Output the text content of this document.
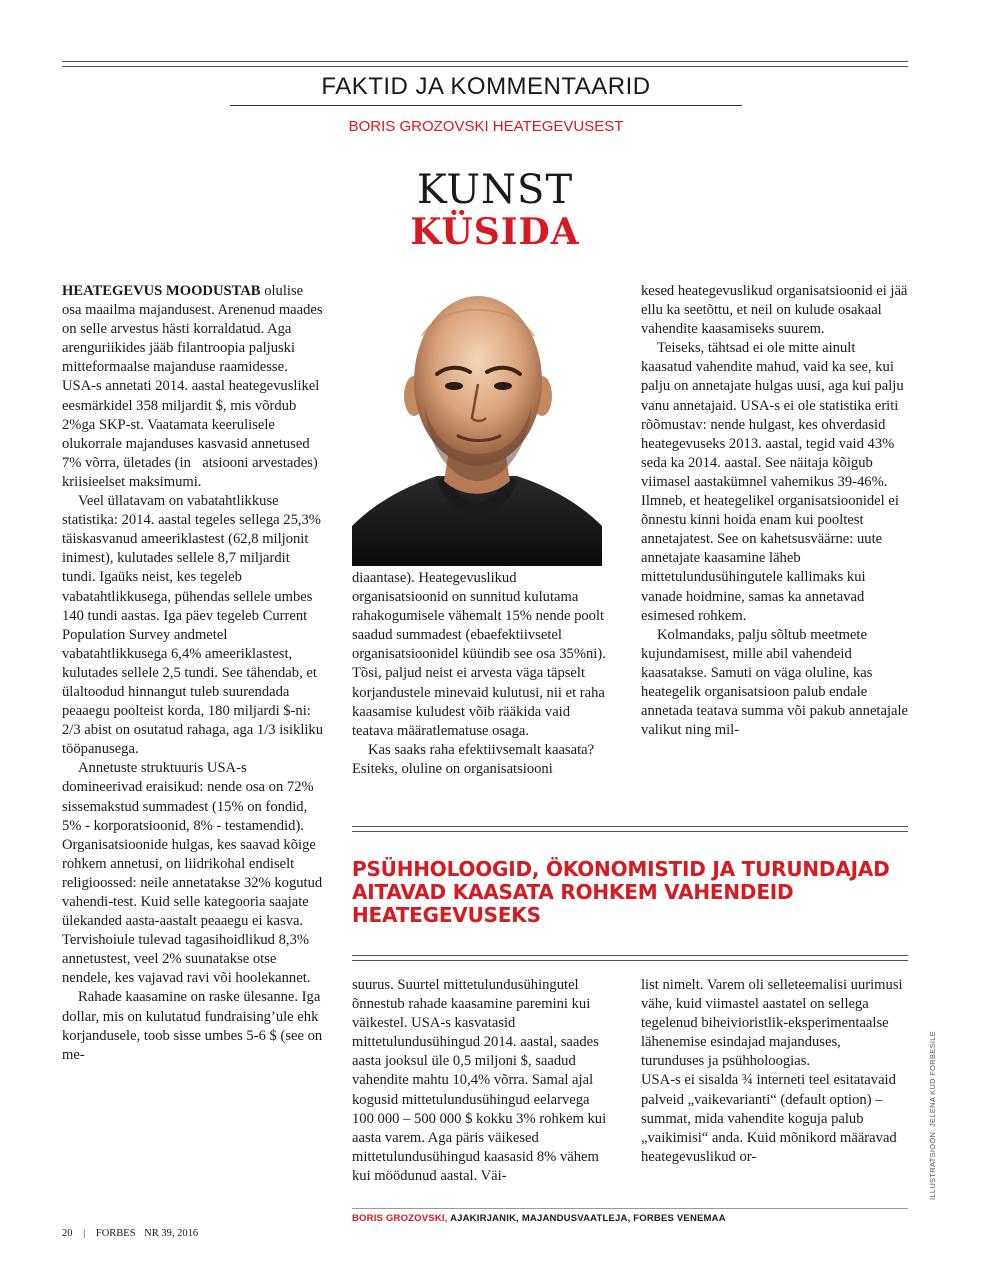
FAKTID JA KOMMENTAARID
BORIS GROZOVSKI HEATEGEVUSEST
KUNST
KÜSIDA

HEATEGEVUS MOODUSTAB olulise osa maailma majandusest. Arenenud maades on selle arvestus hästi korraldatud. Aga arenguriikides jääb filantroopia paljuski mitteformaalse majanduse raamidesse. USA-s annetati 2014. aastal heategevuslikel eesmärkidel 358 miljardit $, mis võrdub 2%ga SKP-st. Vaatamata keerulisele olukorrale majanduses kasvasid annetused 7% võrra, ületades (in atsiooni arvestades) kriisieelset maksimumi.

Veel üllatavam on vabatahtlikkuse statistika: 2014. aastal tegeles sellega 25,3% täiskasvanud ameeriklastest (62,8 miljonit inimest), kulutades sellele 8,7 miljardit tundi. Igaüks neist, kes tegeleb vabatahtlikkusega, pühendas sellele umbes 140 tundi aastas. Iga päev tegeleb Current Population Survey andmetel vabatahtlikkusega 6,4% ameeriklastest, kulutades sellele 2,5 tundi. See tähendab, et ülaltoodud hinnangut tuleb suurendada peaaegu poolteist korda, 180 miljardi $-ni: 2/3 abist on osutatud rahaga, aga 1/3 isikliku tööpanusega.

Annetuste struktuuris USA-s domineerivad eraisikud: nende osa on 72% sissemakstud summadest (15% on fondid, 5% - korporatsioonid, 8% - testamendid). Organisatsioonide hulgas, kes saavad kõige rohkem annetusi, on liidrikohal endiselt religioossed: neile annetatakse 32% kogutud vahendi-test. Kuid selle kategooria saajate ülekanded aasta-aastalt peaaegu ei kasva. Tervishoiule tulevad tagasihoidlikud 8,3% annetustest, veel 2% suunatakse otse nendele, kes vajavad ravi või hoolekannet.

Rahade kaasamine on raske ülesanne. Iga dollar, mis on kulutatud fundraising’ule ehk korjandusele, toob sisse umbes 5-6 $ (see on me-

diaantase). Heategevuslikud organisatsioonid on sunnitud kulutama rahakogumisele vähemalt 15% nende poolt saadud summadest (ebaefektiivsetel organisatsioonidel küündib see osa 35%ni). Tõsi, paljud neist ei arvesta väga täpselt korjandustele minevaid kulutusi, nii et raha kaasamise kuludest võib rääkida vaid teatava määratlematuse osaga.

Kas saaks raha efektiivsemalt kaasata? Esiteks, oluline on organisatsiooni

kesed heategevuslikud organisatsioonid ei jää ellu ka seetõttu, et neil on kulude osakaal vahendite kaasamiseks suurem.

Teiseks, tähtsad ei ole mitte ainult kaasatud vahendite mahud, vaid ka see, kui palju on annetajate hulgas uusi, aga kui palju vanu annetajaid. USA-s ei ole statistika eriti rõõmustav: nende hulgast, kes ohverdasid heategevuseks 2013. aastal, tegid vaid 43% seda ka 2014. aastal. See näitaja kõigub viimasel aastakümnel vahemikus 39-46%. Ilmneb, et heategelikel organisatsioonidel ei õnnestu kinni hoida enam kui pooltest annetajatest. See on kahetsusväärne: uute annetajate kaasamine läheb mittetulundusühingutele kallimaks kui vanade hoidmine, samas ka annetavad esimesed rohkem.

Kolmandaks, palju sõltub meetmete kujundamisest, mille abil vahendeid kaasatakse. Samuti on väga oluline, kas heategelik organisatsioon palub endale annetada teatava summa või pakub annetajale valikut ning mil-

PSÜHHOLOOGID, ÖKONOMISTID JA TURUNDAJAD AITAVAD KAASATA ROHKEM VAHENDEID HEATEGEVUSEKS

suurus. Suurtel mittetulundusühingutel õnnestub rahade kaasamine paremini kui väikestel. USA-s kasvatasid mittetulundusühingud 2014. aastal, saades aasta jooksul üle 0,5 miljoni $, saadud vahendite mahtu 10,4% võrra. Samal ajal kogusid mittetulundusühingud eelarvega 100 000 – 500 000 $ kokku 3% rohkem kui aasta varem. Aga päris väikesed mittetulundusühingud kaasasid 8% vähem kui möödunud aastal. Väi-

list nimelt. Varem oli selleteemalisi uurimusi vähe, kuid viimastel aastatel on sellega tegelenud biheivioristlik-eksperimentaalse lähenemise esindajad majanduses, turunduses ja psühholoogias.

USA-s ei sisalda ¾ interneti teel esitatavaid palveid „vaikevarianti“ (default option) – summat, mida vahendite koguja palub „vaikimisi“ anda. Kuid mõnikord määravad heategevuslikud or-	ILLUSTRATSIOON: JELENA KUD FORBESILE
BORIS GROZOVSKI, AJAKIRJANIK, MAJANDUSVAATLEJA, FORBES VENEMAA
20 | FORBES NR 39, 2016
